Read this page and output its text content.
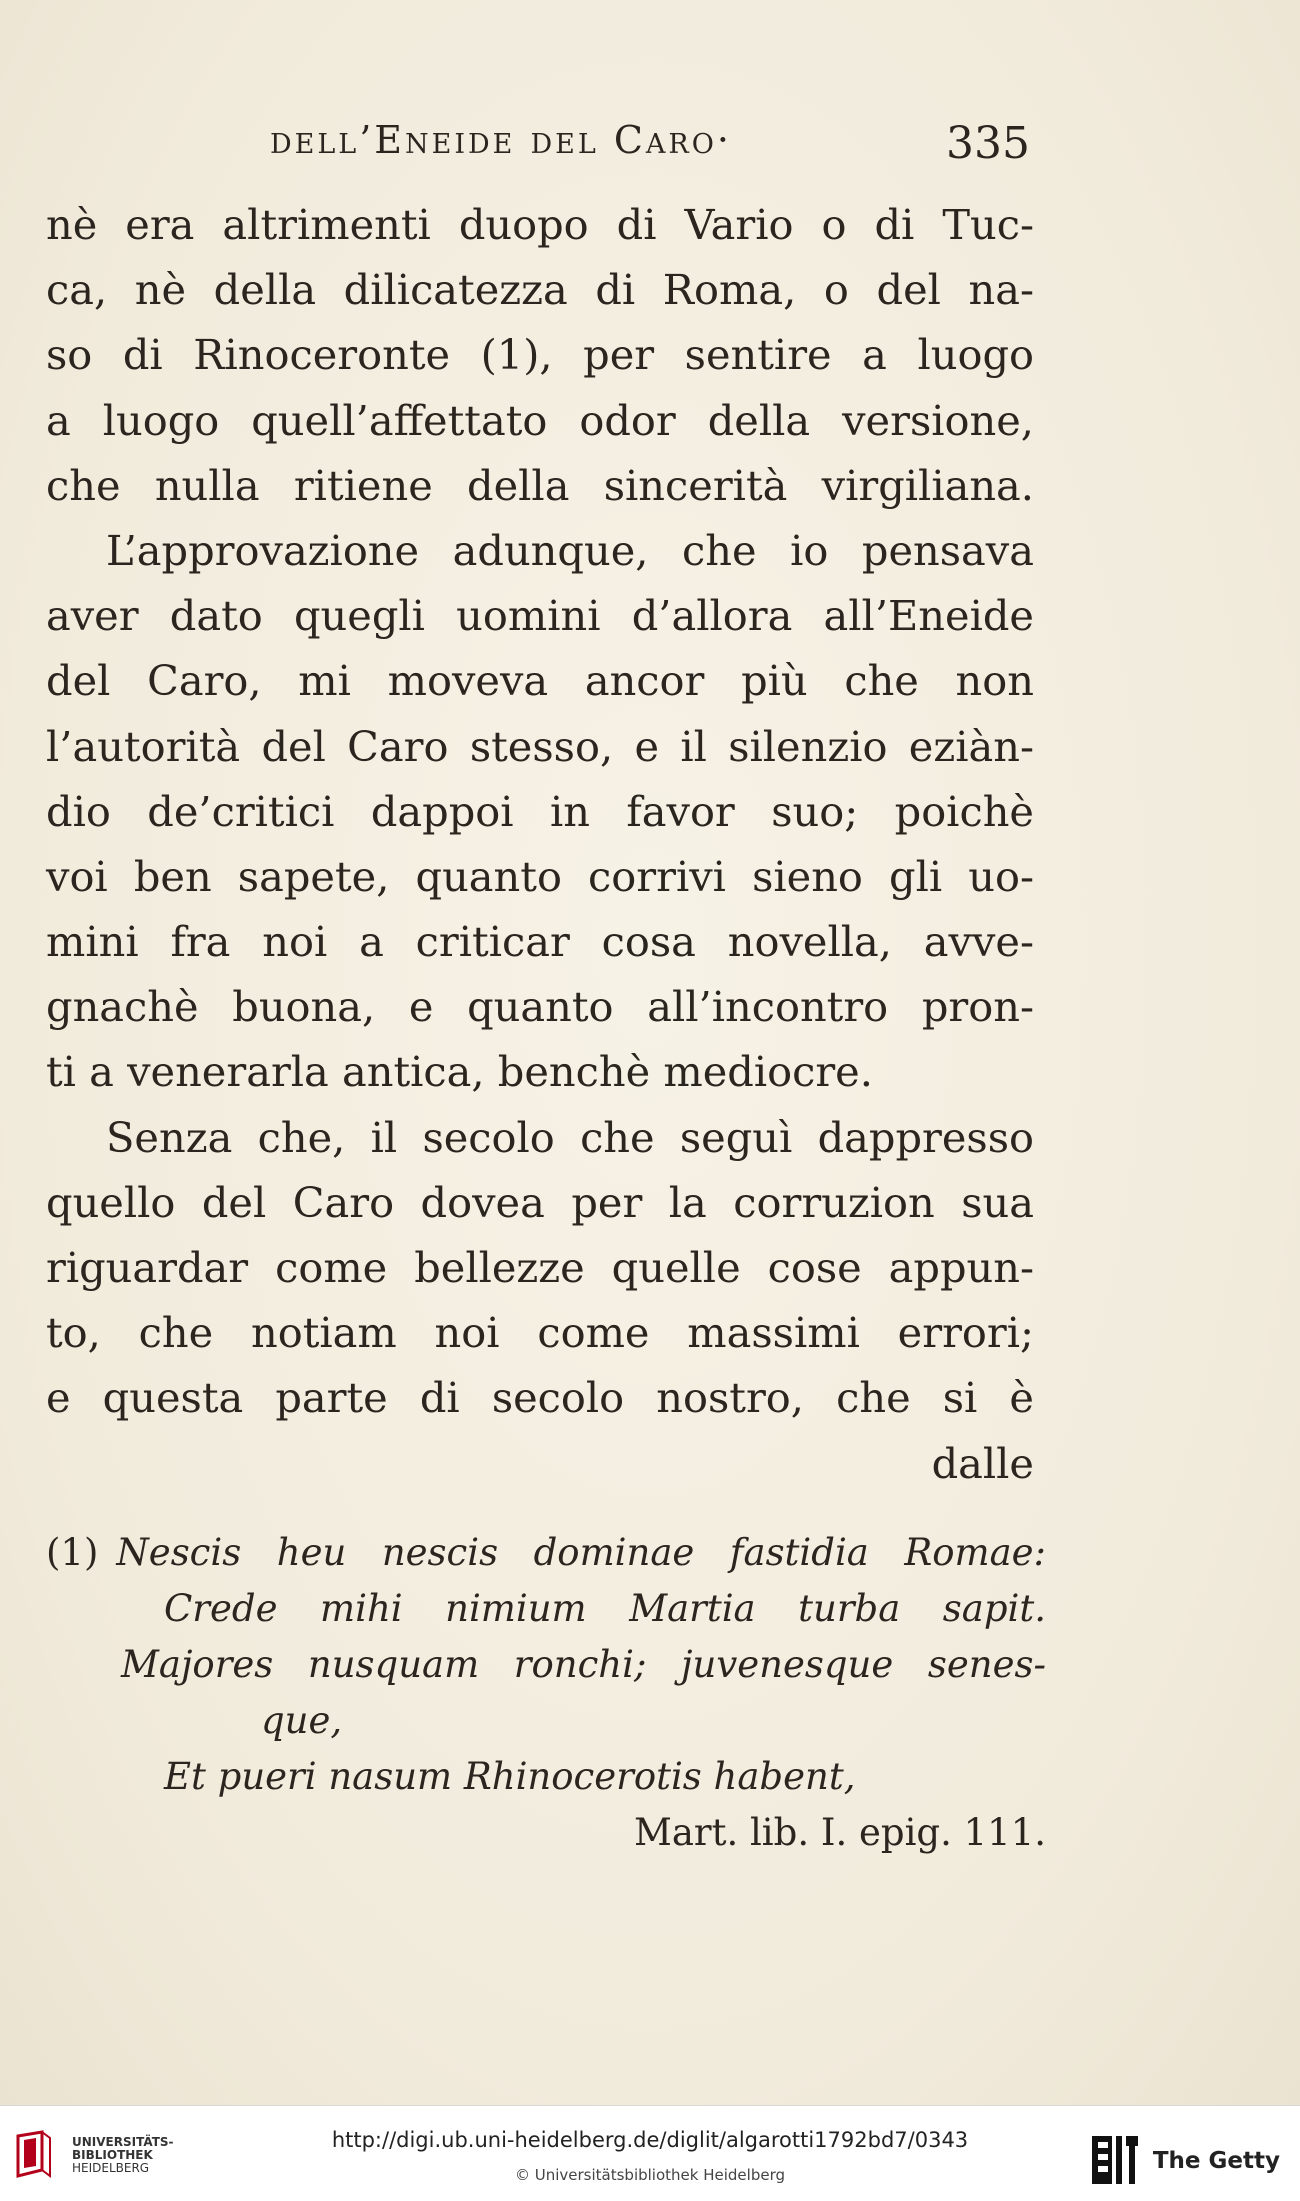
dell’Eneide del Caro·	335
nè era altrimenti duopo di Vario o di Tuc-
ca, nè della dilicatezza di Roma, o del na-
so di Rinoceronte (1), per sentire a luogo
a luogo quell’affettato odor della versione,
che nulla ritiene della sincerità virgiliana.
L’approvazione adunque, che io pensava
aver dato quegli uomini d’allora all’Eneide
del Caro, mi moveva ancor più che non
l’autorità del Caro stesso, e il silenzio eziàn-
dio de’critici dappoi in favor suo; poichè
voi ben sapete, quanto corrivi sieno gli uo-
mini fra noi a criticar cosa novella, avve-
gnachè buona, e quanto all’incontro pron-
ti a venerarla antica, benchè mediocre.
Senza che, il secolo che seguì dappresso
quello del Caro dovea per la corruzion sua
riguardar come bellezze quelle cose appun-
to, che notiam noi come massimi errori;
e questa parte di secolo nostro, che si è
dalle
(1) Nescis heu nescis dominae fastidia Romae:
Crede mihi nimium Martia turba sapit.
Majores nusquam ronchi; juvenesque senes-
que,
Et pueri nasum Rhinocerotis habent,
Mart. lib. I. epig. 111.
UNIVERSITÄTS-
BIBLIOTHEK
HEIDELBERG
http://digi.ub.uni-heidelberg.de/diglit/algarotti1792bd7/0343
© Universitätsbibliothek Heidelberg
The Getty
